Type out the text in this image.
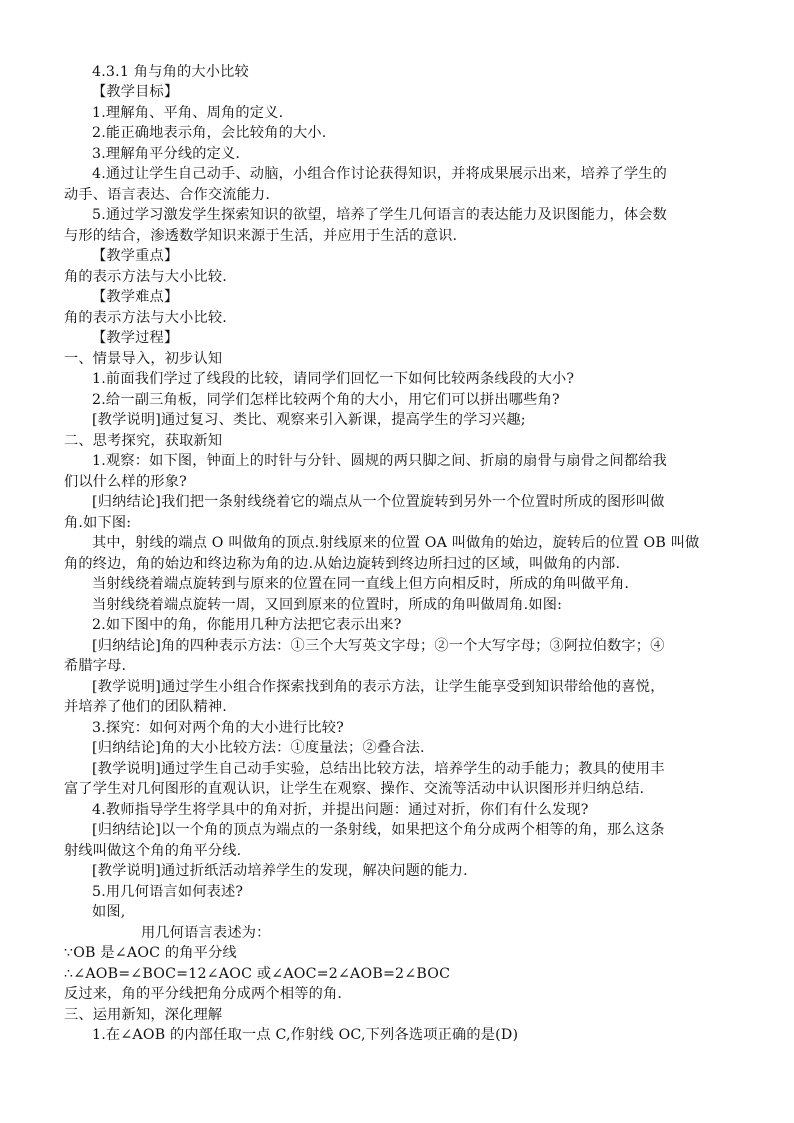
4.3.1 角与角的大小比较
【教学目标】
1.理解角、平角、周角的定义.
2.能正确地表示角，会比较角的大小.
3.理解角平分线的定义.
4.通过让学生自己动手、动脑，小组合作讨论获得知识，并将成果展示出来，培养了学生的
动手、语言表达、合作交流能力.
5.通过学习激发学生探索知识的欲望，培养了学生几何语言的表达能力及识图能力，体会数
与形的结合，渗透数学知识来源于生活，并应用于生活的意识.
【教学重点】
角的表示方法与大小比较.
【教学难点】
角的表示方法与大小比较.
【教学过程】
一、情景导入，初步认知
1.前面我们学过了线段的比较，请同学们回忆一下如何比较两条线段的大小?
2.给一副三角板，同学们怎样比较两个角的大小，用它们可以拼出哪些角?
[教学说明]通过复习、类比、观察来引入新课，提高学生的学习兴趣;
二、思考探究，获取新知
1.观察：如下图，钟面上的时针与分针、圆规的两只脚之间、折扇的扇骨与扇骨之间都给我
们以什么样的形象?
[归纳结论]我们把一条射线绕着它的端点从一个位置旋转到另外一个位置时所成的图形叫做
角.如下图:
其中，射线的端点 O 叫做角的顶点.射线原来的位置 OA 叫做角的始边，旋转后的位置 OB 叫做
角的终边，角的始边和终边称为角的边.从始边旋转到终边所扫过的区域，叫做角的内部.
当射线绕着端点旋转到与原来的位置在同一直线上但方向相反时，所成的角叫做平角.
当射线绕着端点旋转一周，又回到原来的位置时，所成的角叫做周角.如图:
2.如下图中的角，你能用几种方法把它表示出来?
[归纳结论]角的四种表示方法：①三个大写英文字母；②一个大写字母；③阿拉伯数字；④
希腊字母.
[教学说明]通过学生小组合作探索找到角的表示方法，让学生能享受到知识带给他的喜悦，
并培养了他们的团队精神.
3.探究：如何对两个角的大小进行比较?
[归纳结论]角的大小比较方法：①度量法；②叠合法.
[教学说明]通过学生自己动手实验，总结出比较方法，培养学生的动手能力；教具的使用丰
富了学生对几何图形的直观认识，让学生在观察、操作、交流等活动中认识图形并归纳总结.
4.教师指导学生将学具中的角对折，并提出问题：通过对折，你们有什么发现?
[归纳结论]以一个角的顶点为端点的一条射线，如果把这个角分成两个相等的角，那么这条
射线叫做这个角的角平分线.
[教学说明]通过折纸活动培养学生的发现，解决问题的能力.
5.用几何语言如何表述?
如图,
用几何语言表述为：
∵OB 是∠AOC 的角平分线
∴∠AOB=∠BOC=12∠AOC 或∠AOC=2∠AOB=2∠BOC
反过来，角的平分线把角分成两个相等的角.
三、运用新知，深化理解
1.在∠AOB 的内部任取一点 C,作射线 OC,下列各选项正确的是(D)
